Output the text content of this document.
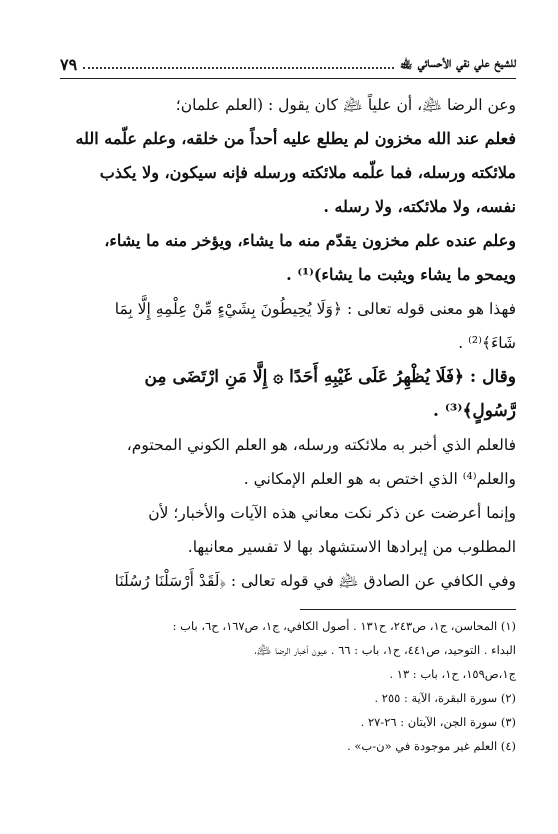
للشيخ علي نقي الأحسائي ﵀
٧٩
وعن الرضا ﵇، أن علياً ﵇ كان يقول : (العلم علمان؛
فعلم عند الله مخزون لم يطلع عليه أحداً من خلقه، وعلم علّمه الله
ملائكته ورسله، فما علّمه ملائكته ورسله فإنه سيكون، ولا يكذب
نفسه، ولا ملائكته، ولا رسله .
وعلم عنده علم مخزون يقدّم منه ما يشاء، ويؤخر منه ما يشاء،
ويمحو ما يشاء ويثبت ما يشاء)⁽¹⁾ .
فهذا هو معنى قوله تعالى : ﴿وَلَا يُحِيطُونَ بِشَيْءٍ مِّنْ عِلْمِهِ إِلَّا بِمَا
شَاءَ﴾⁽²⁾ .
وقال : ﴿فَلَا يُظْهِرُ عَلَى غَيْبِهِ أَحَدًا ۞ إِلَّا مَنِ ارْتَضَى مِن
رَّسُولٍ﴾⁽³⁾ .
فالعلم الذي أخبر به ملائكته ورسله، هو العلم الكوني المحتوم،
والعلم⁽⁴⁾ الذي اختص به هو العلم الإمكاني .
وإنما أعرضت عن ذكر نكت معاني هذه الآيات والأخبار؛ لأن
المطلوب من إيرادها الاستشهاد بها لا تفسير معانيها.
وفي الكافي عن الصادق ﵇ في قوله تعالى : ﴿لَقَدْ أَرْسَلْنَا رُسُلَنَا
(١) المحاسن، ج١، ص٢٤٣، ح١٣١ . أصول الكافي، ج١، ص١٦٧، ح٦، باب :
البداء . التوحيد، ص٤٤١، ح١، باب : ٦٦ . عيون أخبار الرضا ﵇،
ج١،ص١٥٩، ح١، باب : ١٣ .
(٢) سورة البقرة، الآية : ٢٥٥ .
(٣) سورة الجن، الآيتان : ٢٦-٢٧ .
(٤) العلم غير موجودة في «ن-ب» .
